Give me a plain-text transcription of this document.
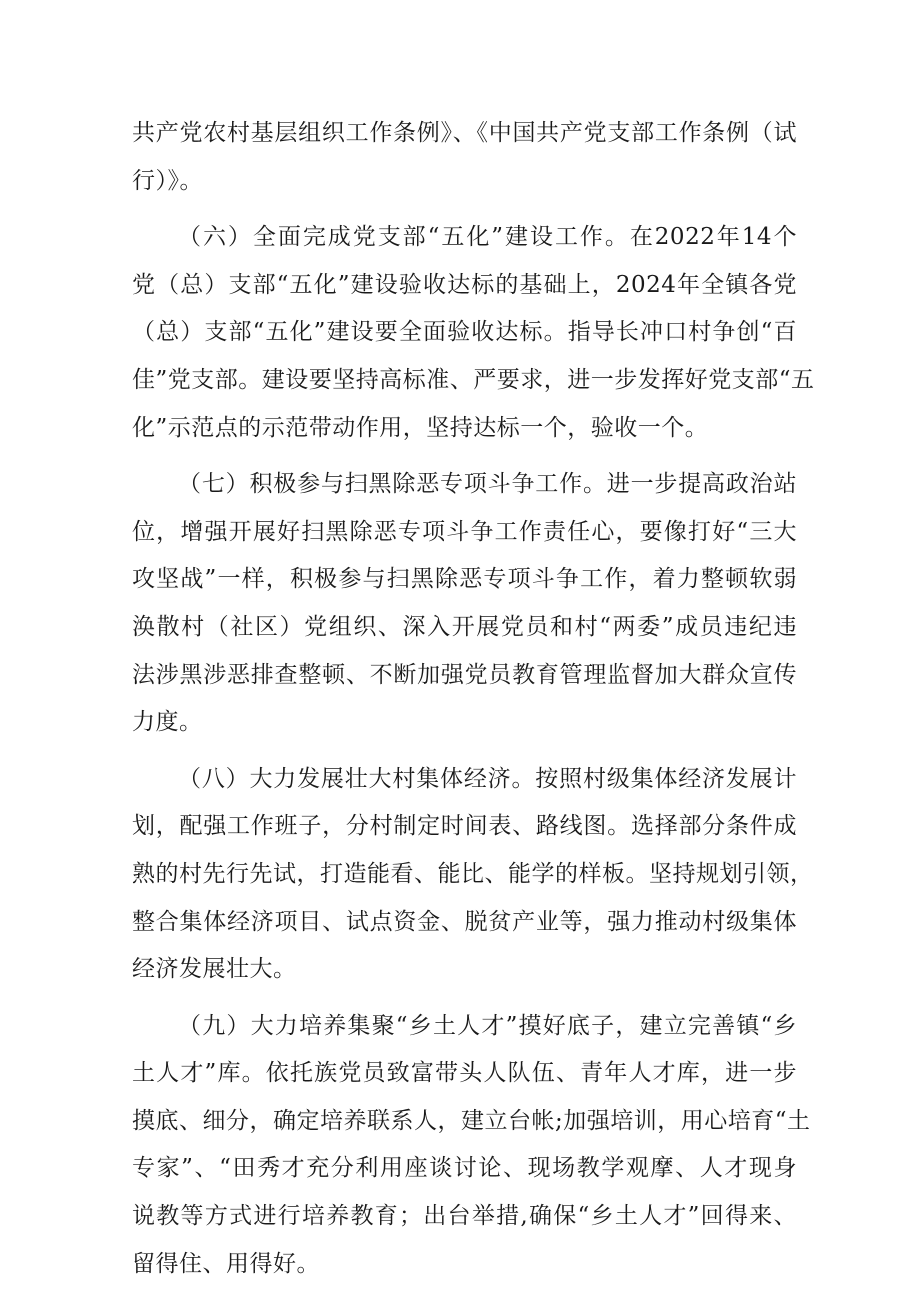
共产党农村基层组织工作条例》、《中国共产党支部工作条例（试
行）》。
（六）全面完成党支部“五化”建设工作。在2022年14个
党（总）支部“五化”建设验收达标的基础上，2024年全镇各党
（总）支部“五化”建设要全面验收达标。指导长冲口村争创“百
佳”党支部。建设要坚持高标准、严要求，进一步发挥好党支部“五
化”示范点的示范带动作用，坚持达标一个，验收一个。
（七）积极参与扫黑除恶专项斗争工作。进一步提高政治站
位，增强开展好扫黑除恶专项斗争工作责任心，要像打好“三大
攻坚战”一样，积极参与扫黑除恶专项斗争工作，着力整顿软弱
涣散村（社区）党组织、深入开展党员和村“两委”成员违纪违
法涉黑涉恶排查整顿、不断加强党员教育管理监督加大群众宣传
力度。
（八）大力发展壮大村集体经济。按照村级集体经济发展计
划，配强工作班子，分村制定时间表、路线图。选择部分条件成
熟的村先行先试，打造能看、能比、能学的样板。坚持规划引领，
整合集体经济项目、试点资金、脱贫产业等，强力推动村级集体
经济发展壮大。
（九）大力培养集聚“乡土人才”摸好底子，建立完善镇“乡
土人才”库。依托族党员致富带头人队伍、青年人才库，进一步
摸底、细分，确定培养联系人，建立台帐;加强培训，用心培育“土
专家”、“田秀才充分利用座谈讨论、现场教学观摩、人才现身
说教等方式进行培养教育；出台举措,确保“乡土人才”回得来、
留得住、用得好。
